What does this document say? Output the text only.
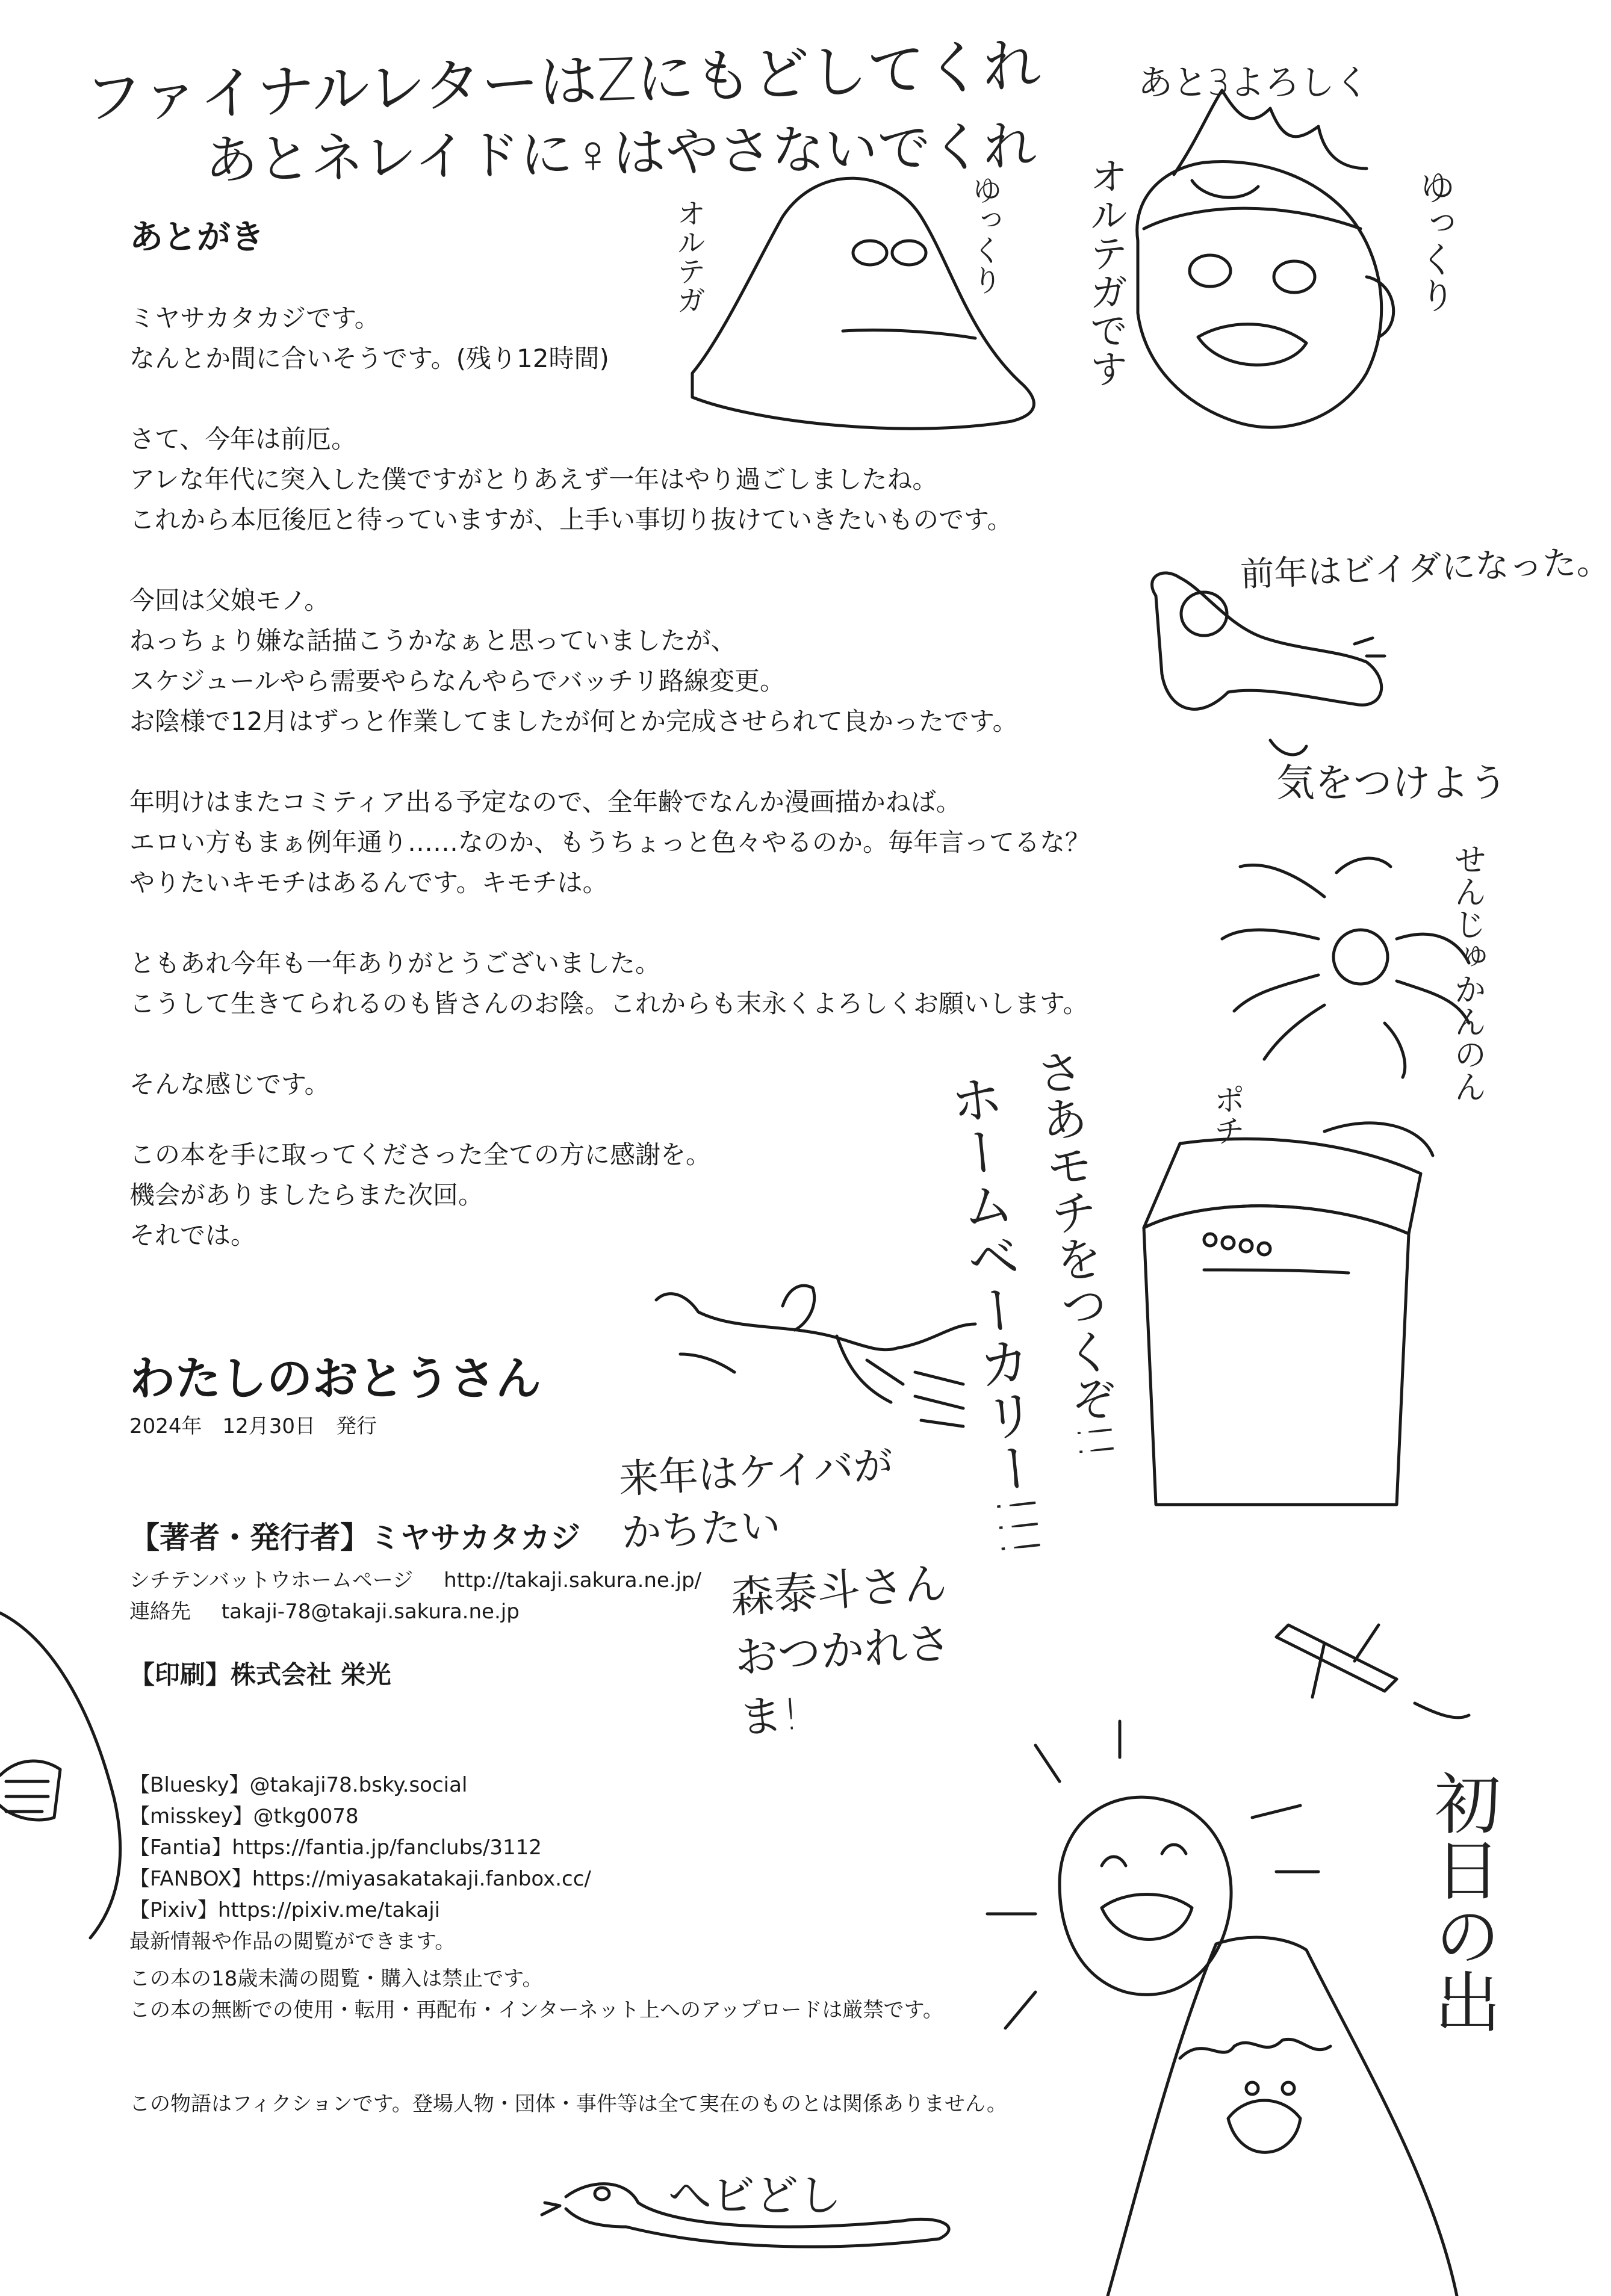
ファイナルレターはZにもどしてくれ
あとネレイドに♀はやさないでくれ
あと3よろしく
オルテガ	ゆっくり オルテガです	ゆっくり
前年はビイダになった。
気をつけよう
せんじゅかんのん
さあモチをつくぞ!!
ホームベーカリー!!!	ポチ
来年はケイバがかちたい
森泰斗さんおつかれさま!
初日の出
へビどし
あとがき

ミヤサカタカジです。

なんとか間に合いそうです。(残り12時間)

さて、今年は前厄。

アレな年代に突入した僕ですがとりあえず一年はやり過ごしましたね。

これから本厄後厄と待っていますが、上手い事切り抜けていきたいものです。

今回は父娘モノ。

ねっちょり嫌な話描こうかなぁと思っていましたが、

スケジュールやら需要やらなんやらでバッチリ路線変更。

お陰様で12月はずっと作業してましたが何とか完成させられて良かったです。

年明けはまたコミティア出る予定なので、全年齢でなんか漫画描かねば。

エロい方もまぁ例年通り……なのか、もうちょっと色々やるのか。毎年言ってるな？

やりたいキモチはあるんです。キモチは。

ともあれ今年も一年ありがとうございました。

こうして生きてられるのも皆さんのお陰。これからも末永くよろしくお願いします。

そんな感じです。

この本を手に取ってくださった全ての方に感謝を。

機会がありましたらまた次回。

それでは。

わたしのおとうさん
2024年　12月30日　発行
【著者・発行者】ミヤサカタカジ
シチテンバットウホームページ http://takaji.sakura.ne.jp/
連絡先 takaji-78@takaji.sakura.ne.jp
【印刷】株式会社 栄光
【Bluesky】@takaji78.bsky.social
【misskey】@tkg0078
【Fantia】https://fantia.jp/fanclubs/3112
【FANBOX】https://miyasakatakaji.fanbox.cc/
【Pixiv】https://pixiv.me/takaji
最新情報や作品の閲覧ができます。
この本の18歳未満の閲覧・購入は禁止です。
この本の無断での使用・転用・再配布・インターネット上へのアップロードは厳禁です。
この物語はフィクションです。登場人物・団体・事件等は全て実在のものとは関係ありません。
